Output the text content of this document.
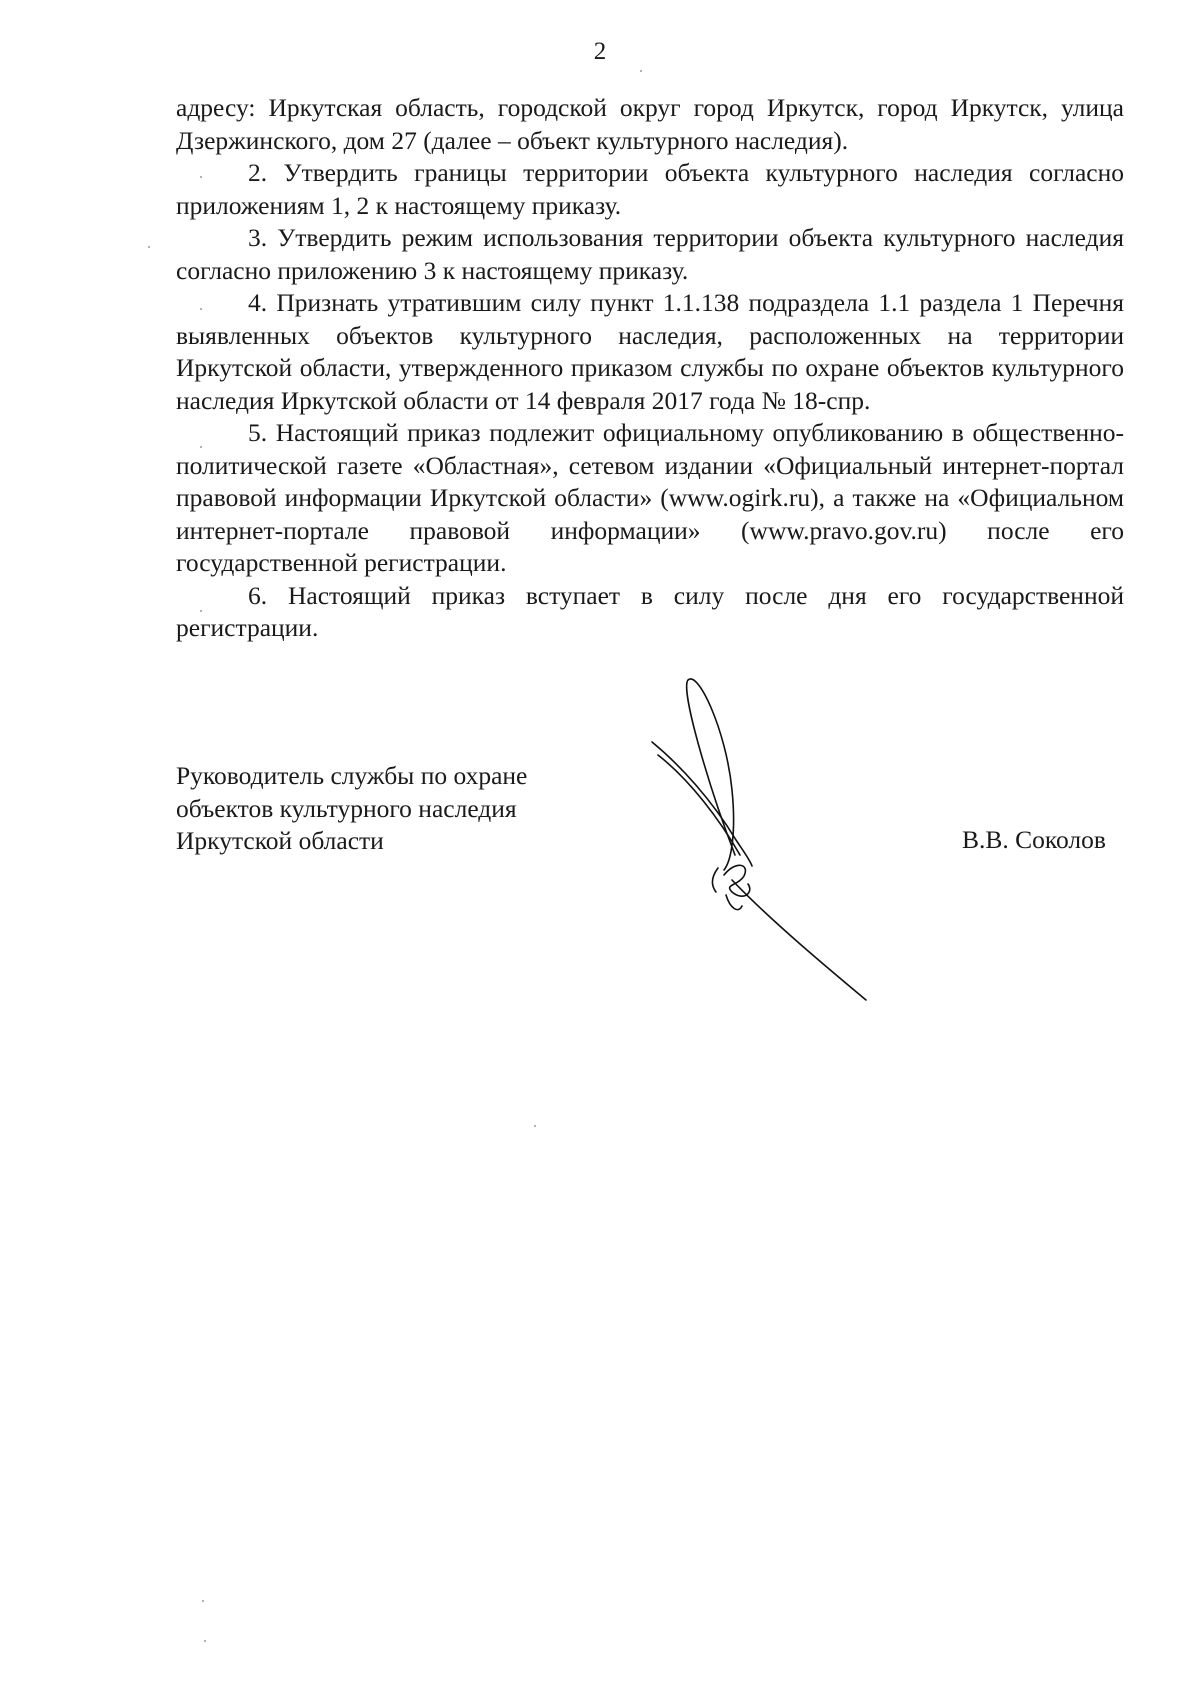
2

адресу: Иркутская область, городской округ город Иркутск, город Иркутск, улица Дзержинского, дом 27 (далее – объект культурного наследия).

2. Утвердить границы территории объекта культурного наследия согласно приложениям 1, 2 к настоящему приказу.

3. Утвердить режим использования территории объекта культурного наследия согласно приложению 3 к настоящему приказу.

4. Признать утратившим силу пункт 1.1.138 подраздела 1.1 раздела 1 Перечня выявленных объектов культурного наследия, расположенных на территории Иркутской области, утвержденного приказом службы по охране объектов культурного наследия Иркутской области от 14 февраля 2017 года № 18-спр.

5. Настоящий приказ подлежит официальному опубликованию в общественно-политической газете «Областная», сетевом издании «Официальный интернет-портал правовой информации Иркутской области» (www.ogirk.ru), а также на «Официальном интернет-портале правовой информации» (www.pravo.gov.ru) после его государственной регистрации.

6. Настоящий приказ вступает в силу после дня его государственной регистрации.

Руководитель службы по охране
объектов культурного наследия
Иркутской области	В.В. Соколов
